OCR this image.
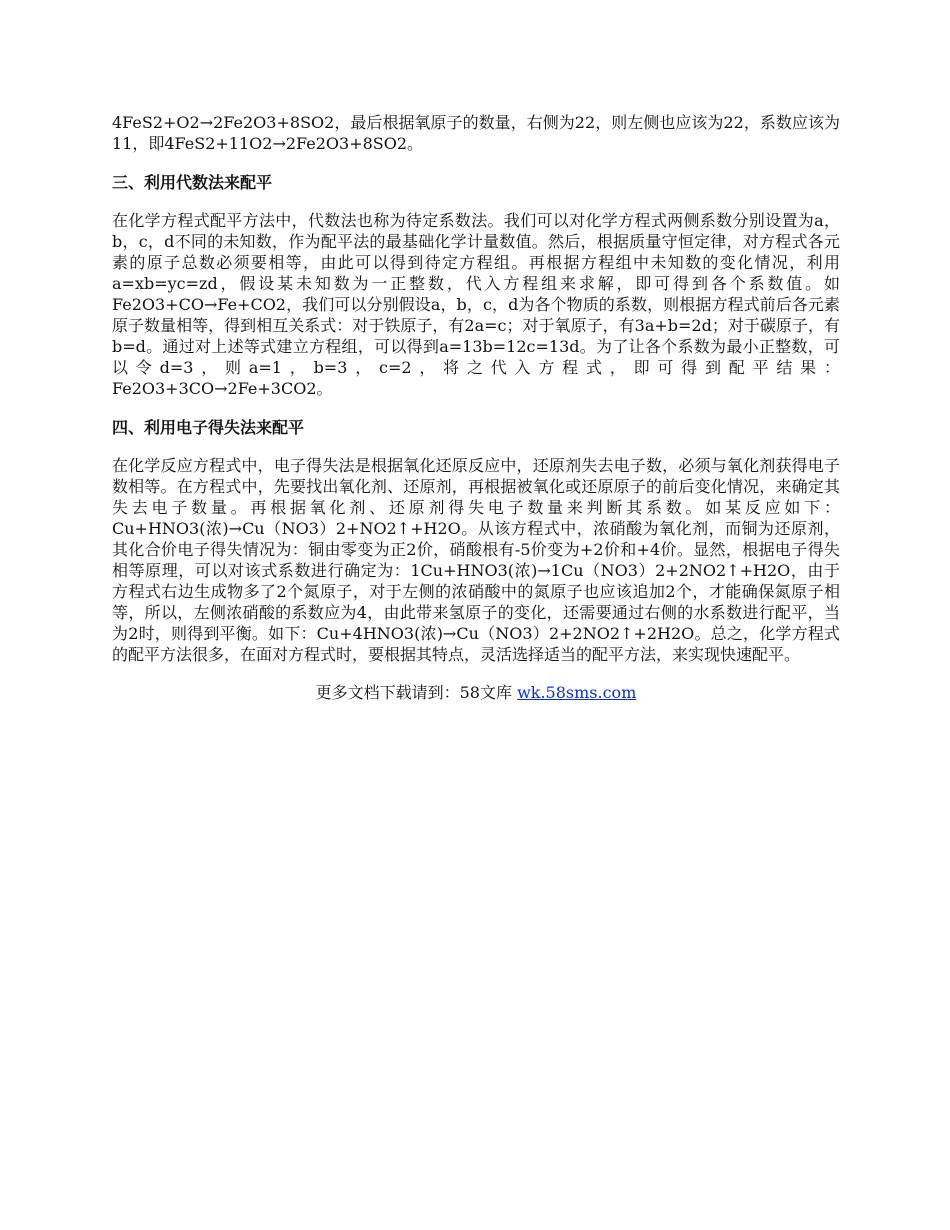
4FeS2+O2→2Fe2O3+8SO2，最后根据氧原子的数量，右侧为22，则左侧也应该为22，系数应该为11，即4FeS2+11O2→2Fe2O3+8SO2。

三、利用代数法来配平

在化学方程式配平方法中，代数法也称为待定系数法。我们可以对化学方程式两侧系数分别设置为a，b，c，d不同的未知数，作为配平法的最基础化学计量数值。然后，根据质量守恒定律，对方程式各元素的原子总数必须要相等，由此可以得到待定方程组。再根据方程组中未知数的变化情况，利用a=xb=yc=zd，假设某未知数为一正整数，代入方程组来求解，即可得到各个系数值。如Fe2O3+CO→Fe+CO2，我们可以分别假设a，b，c，d为各个物质的系数，则根据方程式前后各元素原子数量相等，得到相互关系式：对于铁原子，有2a=c；对于氧原子，有3a+b=2d；对于碳原子，有b=d。通过对上述等式建立方程组，可以得到a=13b=12c=13d。为了让各个系数为最小正整数，可以令d=3，则a=1，b=3，c=2，将之代入方程式，即可得到配平结果：Fe2O3+3CO→2Fe+3CO2。

四、利用电子得失法来配平

在化学反应方程式中，电子得失法是根据氧化还原反应中，还原剂失去电子数，必须与氧化剂获得电子数相等。在方程式中，先要找出氧化剂、还原剂，再根据被氧化或还原原子的前后变化情况，来确定其失去电子数量。再根据氧化剂、还原剂得失电子数量来判断其系数。如某反应如下：Cu+HNO3(浓)→Cu（NO3）2+NO2↑+H2O。从该方程式中，浓硝酸为氧化剂，而铜为还原剂，其化合价电子得失情况为：铜由零变为正2价，硝酸根有-5价变为+2价和+4价。显然，根据电子得失相等原理，可以对该式系数进行确定为：1Cu+HNO3(浓)→1Cu（NO3）2+2NO2↑+H2O，由于方程式右边生成物多了2个氮原子，对于左侧的浓硝酸中的氮原子也应该追加2个，才能确保氮原子相等，所以，左侧浓硝酸的系数应为4，由此带来氢原子的变化，还需要通过右侧的水系数进行配平，当为2时，则得到平衡。如下：Cu+4HNO3(浓)→Cu（NO3）2+2NO2↑+2H2O。总之，化学方程式的配平方法很多，在面对方程式时，要根据其特点，灵活选择适当的配平方法，来实现快速配平。

更多文档下载请到：58文库 wk.58sms.com
